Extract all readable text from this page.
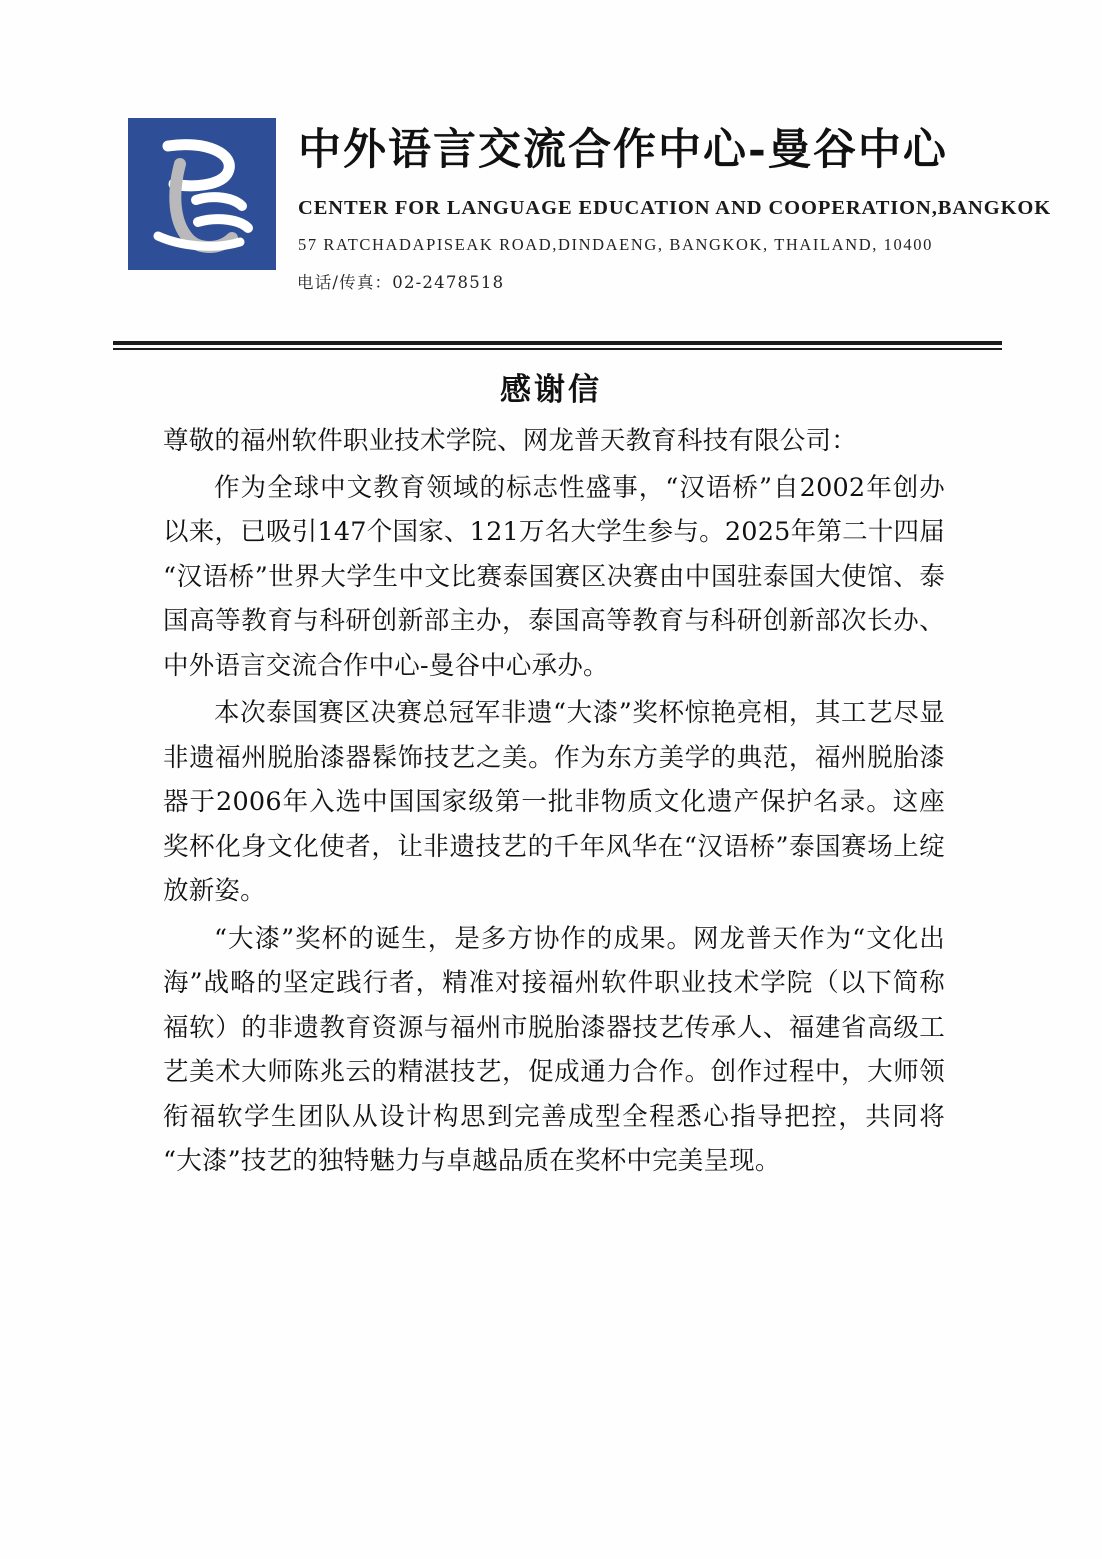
中外语言交流合作中心-曼谷中心
CENTER FOR LANGUAGE EDUCATION AND COOPERATION,BANGKOK
57 RATCHADAPISEAK ROAD,DINDAENG, BANGKOK, THAILAND, 10400
电话/传真：02-2478518
感谢信
尊敬的福州软件职业技术学院、网龙普天教育科技有限公司：

作为全球中文教育领域的标志性盛事，“汉语桥”自2002年创办以来，已吸引147个国家、121万名大学生参与。2025年第二十四届“汉语桥”世界大学生中文比赛泰国赛区决赛由中国驻泰国大使馆、泰国高等教育与科研创新部主办，泰国高等教育与科研创新部次长办、中外语言交流合作中心-曼谷中心承办。

本次泰国赛区决赛总冠军非遗“大漆”奖杯惊艳亮相，其工艺尽显非遗福州脱胎漆器髹饰技艺之美。作为东方美学的典范，福州脱胎漆器于2006年入选中国国家级第一批非物质文化遗产保护名录。这座奖杯化身文化使者，让非遗技艺的千年风华在“汉语桥”泰国赛场上绽放新姿。

“大漆”奖杯的诞生，是多方协作的成果。网龙普天作为“文化出海”战略的坚定践行者，精准对接福州软件职业技术学院（以下简称福软）的非遗教育资源与福州市脱胎漆器技艺传承人、福建省高级工艺美术大师陈兆云的精湛技艺，促成通力合作。创作过程中，大师领衔福软学生团队从设计构思到完善成型全程悉心指导把控，共同将“大漆”技艺的独特魅力与卓越品质在奖杯中完美呈现。
